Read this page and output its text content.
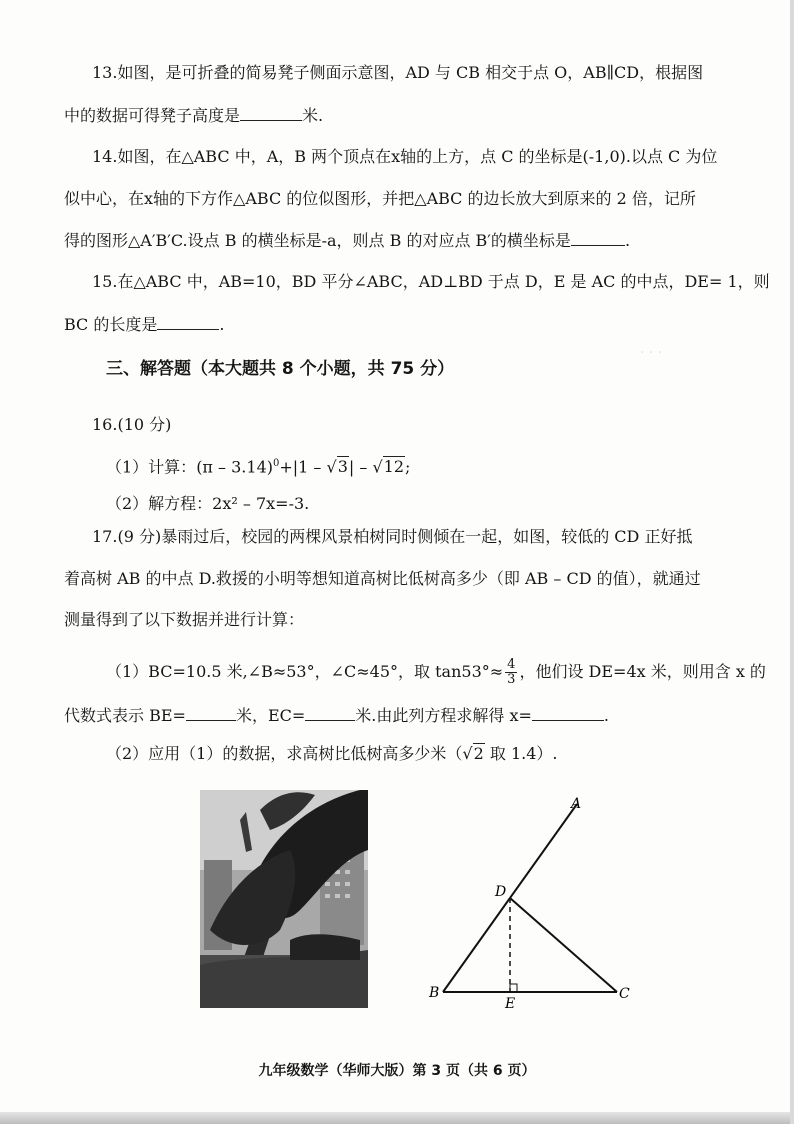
· · ·
13.如图，是可折叠的简易凳子侧面示意图，AD 与 CB 相交于点 O，AB∥CD，根据图
中的数据可得凳子高度是	米.
14.如图，在△ABC 中，A，B 两个顶点在x轴的上方，点 C 的坐标是(-1,0).以点 C 为位
似中心，在x轴的下方作△ABC 的位似图形，并把△ABC 的边长放大到原来的 2 倍，记所
得的图形△A′B′C.设点 B 的横坐标是-a，则点 B 的对应点 B′的横坐标是	.
15.在△ABC 中，AB=10，BD 平分∠ABC，AD⊥BD 于点 D，E 是 AC 的中点，DE= 1，则
BC 的长度是	.
三、解答题（本大题共 8 个小题，共 75 分）
16.(10 分)
（1）计算：(π – 3.14)$^0$+|1 – √3| – √12;
（2）解方程：2x² – 7x=-3.
17.(9 分)暴雨过后，校园的两棵风景柏树同时侧倾在一起，如图，较低的 CD 正好抵
着高树 AB 的中点 D.救援的小明等想知道高树比低树高多少（即 AB – CD 的值），就通过
测量得到了以下数据并进行计算：
（1）BC=10.5 米,∠B≈53°，∠C≈45°，取 $\tan 53^\circ\approx \frac{4}{3}$ ，他们设 DE=4x 米，则用含 x 的
代数式表示 BE=	米，EC=	米.由此列方程求解得 x=	.
（2）应用（1）的数据，求高树比低树高多少米（√2 取 1.4）.
A
D
B
E
C
九年级数学（华师大版）第 3 页（共 6 页）
